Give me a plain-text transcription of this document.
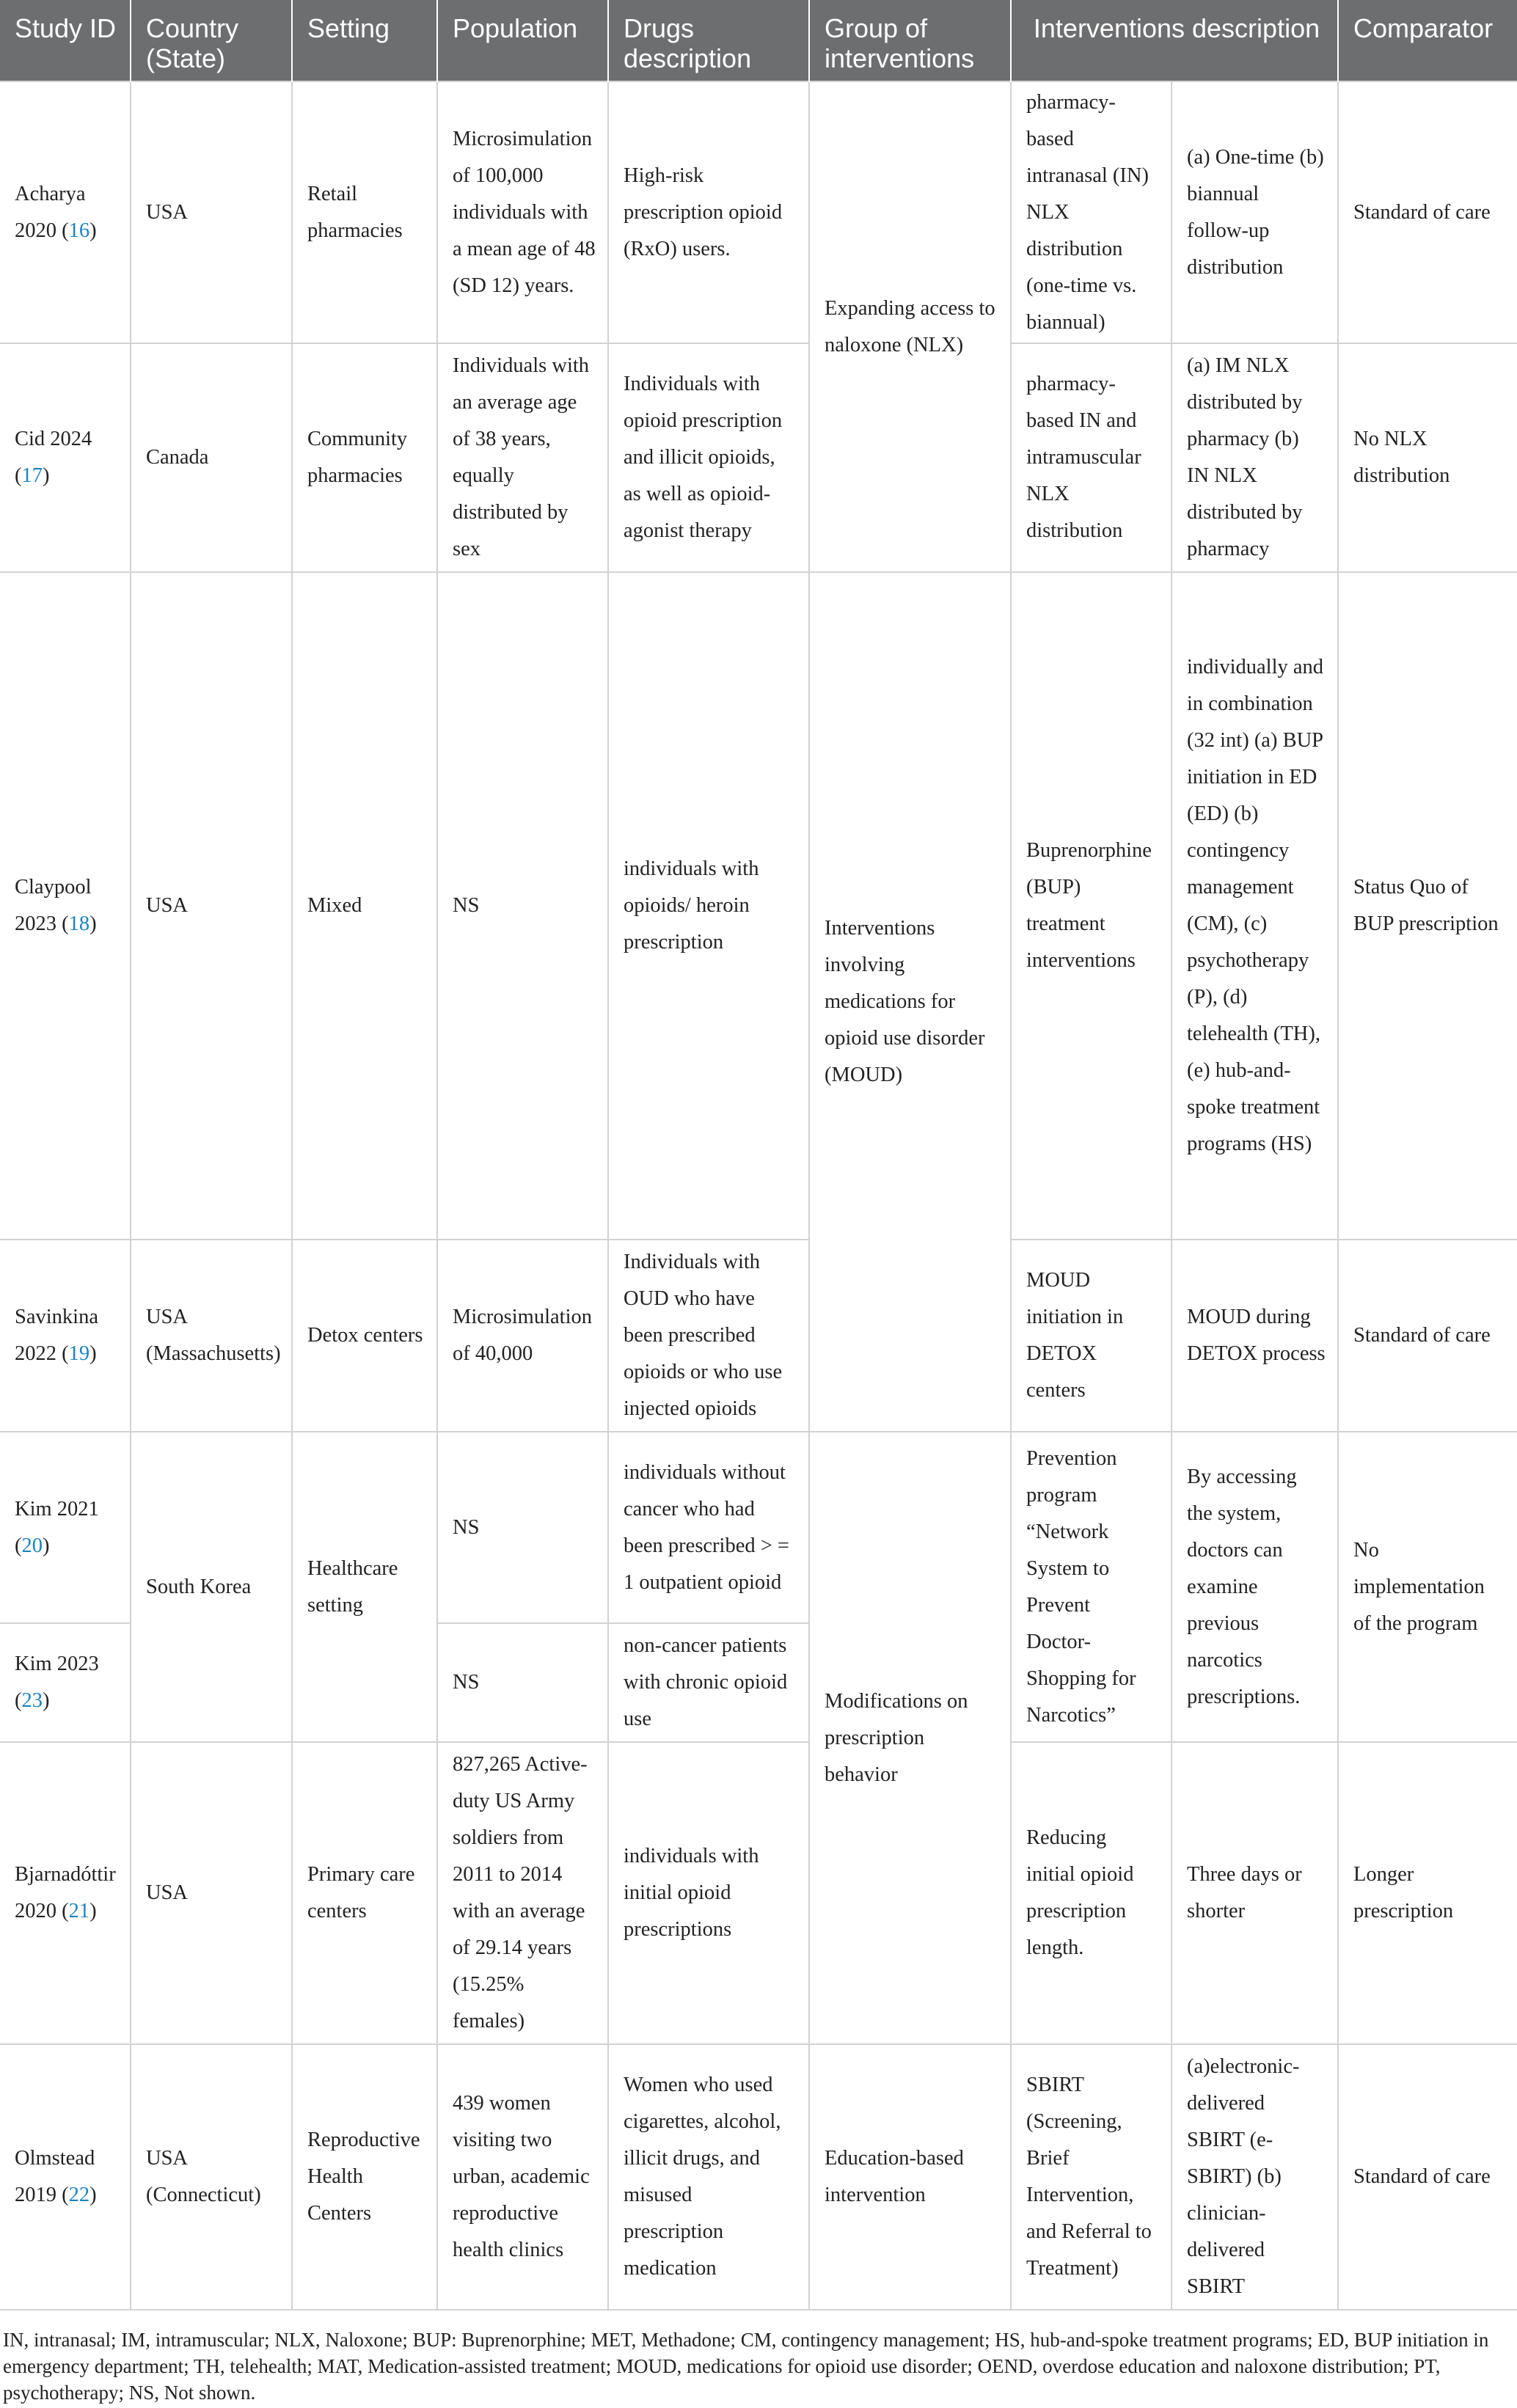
Study ID	Country (State)	Setting	Population	Drugs description	Group of interventions	Interventions description		Comparator
Acharya 2020 (16)	USA	Retail pharmacies	Microsimulation of 100,000 individuals with a mean age of 48 (SD 12) years.	High-risk prescription opioid (RxO) users.	Expanding access to naloxone (NLX)	pharmacy-based intranasal (IN) NLX distribution (one-time vs. biannual)	(a) One-time (b) biannual follow-up distribution	Standard of care
Cid 2024 (17)	Canada	Community pharmacies	Individuals with an average age of 38 years, equally distributed by sex	Individuals with opioid prescription and illicit opioids, as well as opioid-agonist therapy		pharmacy-based IN and intramuscular NLX distribution	(a) IM NLX distributed by pharmacy (b) IN NLX distributed by pharmacy	No NLX distribution
Claypool 2023 (18)	USA	Mixed	NS	individuals with opioids/ heroin prescription	Interventions involving medications for opioid use disorder (MOUD)	Buprenorphine (BUP) treatment interventions	individually and in combination (32 int) (a) BUP initiation in ED (ED) (b) contingency management (CM), (c) psychotherapy (P), (d) telehealth (TH), (e) hub-and-spoke treatment programs (HS)	Status Quo of BUP prescription
Savinkina 2022 (19)	USA (Massachusetts)	Detox centers	Microsimulation of 40,000	Individuals with OUD who have been prescribed opioids or who use injected opioids		MOUD initiation in DETOX centers	MOUD during DETOX process	Standard of care
Kim 2021 (20)	South Korea	Healthcare setting	NS	individuals without cancer who had been prescribed > = 1 outpatient opioid	Modifications on prescription behavior	Prevention program “Network System to Prevent Doctor-Shopping for Narcotics”	By accessing the system, doctors can examine previous narcotics prescriptions.	No implementation of the program
Kim 2023 (23)			NS	non-cancer patients with chronic opioid use				
Bjarnadóttir 2020 (21)	USA	Primary care centers	827,265 Active-duty US Army soldiers from 2011 to 2014 with an average of 29.14 years (15.25% females)	individuals with initial opioid prescriptions		Reducing initial opioid prescription length.	Three days or shorter	Longer prescription
Olmstead 2019 (22)	USA (Connecticut)	Reproductive Health Centers	439 women visiting two urban, academic reproductive health clinics	Women who used cigarettes, alcohol, illicit drugs, and misused prescription medication	Education-based intervention	SBIRT (Screening, Brief Intervention, and Referral to Treatment)	(a)electronic-delivered SBIRT (e-SBIRT) (b) clinician-delivered SBIRT	Standard of care
IN, intranasal; IM, intramuscular; NLX, Naloxone; BUP: Buprenorphine; MET, Methadone; CM, contingency management; HS, hub-and-spoke treatment programs; ED, BUP initiation in emergency department; TH, telehealth; MAT, Medication-assisted treatment; MOUD, medications for opioid use disorder; OEND, overdose education and naloxone distribution; PT, psychotherapy; NS, Not shown.
